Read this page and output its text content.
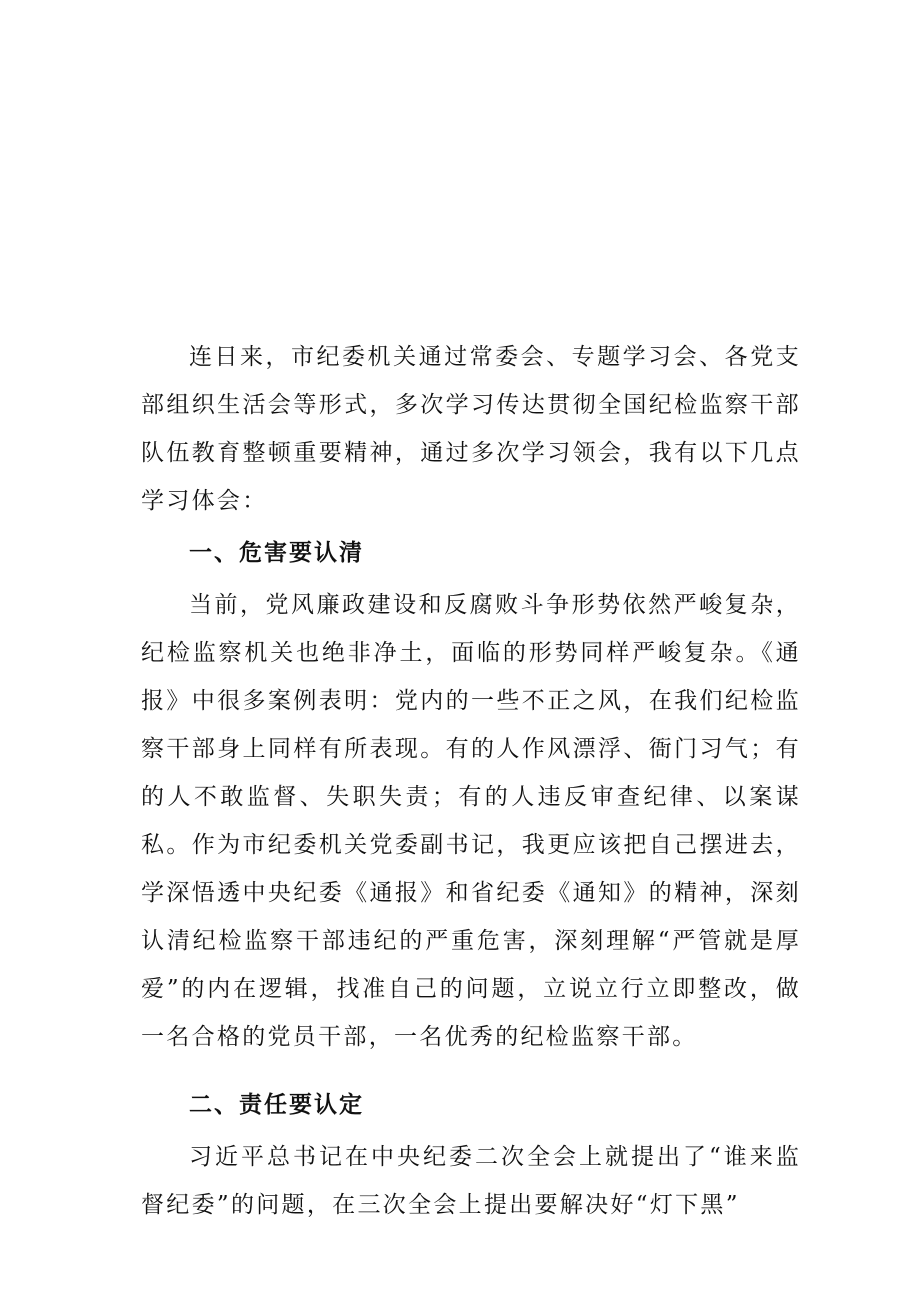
连日来，市纪委机关通过常委会、专题学习会、各党支部组织生活会等形式，多次学习传达贯彻全国纪检监察干部队伍教育整顿重要精神，通过多次学习领会，我有以下几点学习体会：

一、危害要认清

当前，党风廉政建设和反腐败斗争形势依然严峻复杂，纪检监察机关也绝非净土，面临的形势同样严峻复杂。《通报》中很多案例表明：党内的一些不正之风，在我们纪检监察干部身上同样有所表现。有的人作风漂浮、衙门习气；有的人不敢监督、失职失责；有的人违反审查纪律、以案谋私。作为市纪委机关党委副书记，我更应该把自己摆进去，学深悟透中央纪委《通报》和省纪委《通知》的精神，深刻认清纪检监察干部违纪的严重危害，深刻理解“严管就是厚爱”的内在逻辑，找准自己的问题，立说立行立即整改，做一名合格的党员干部，一名优秀的纪检监察干部。

二、责任要认定

习近平总书记在中央纪委二次全会上就提出了“谁来监督纪委”的问题，在三次全会上提出要解决好“灯下黑”
